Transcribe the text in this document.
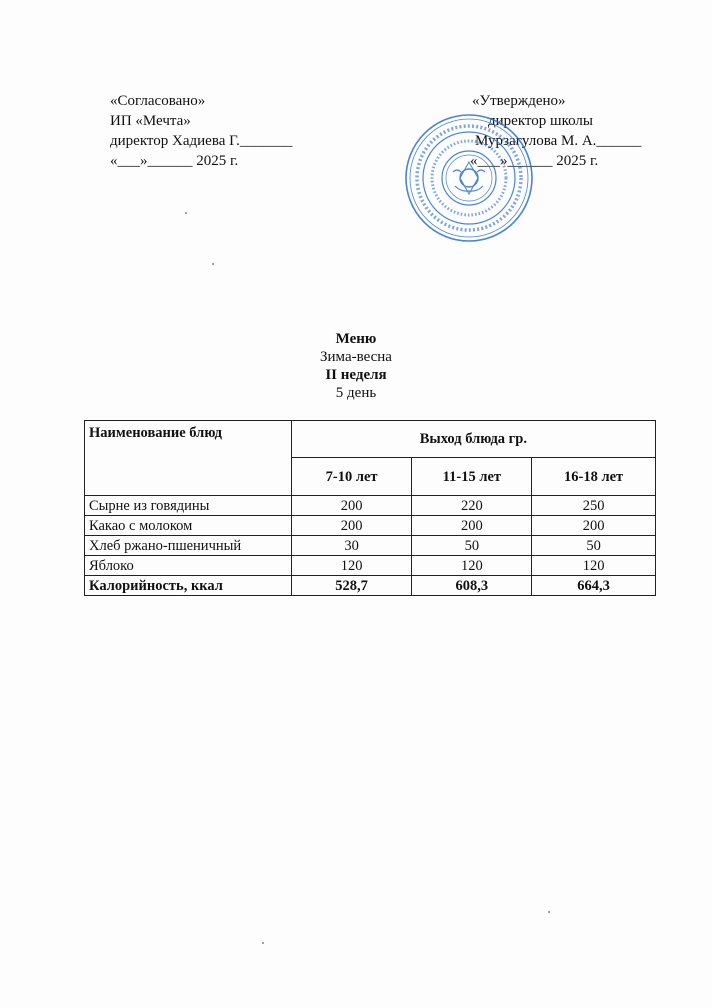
«Согласовано»
ИП «Мечта»
директор Хадиева Г._______
«___»______ 2025 г.
«Утверждено»
директор школы
Мурзагулова М. А.______
«___»______ 2025 г.
Меню
Зима-весна
II неделя
5 день
Наименование блюд	Выход блюда гр.		
	7-10 лет	11-15 лет	16-18 лет
Сырне из говядины	200	220	250
Какао с молоком	200	200	200
Хлеб ржано-пшеничный	30	50	50
Яблоко	120	120	120
Калорийность, ккал	528,7	608,3	664,3
